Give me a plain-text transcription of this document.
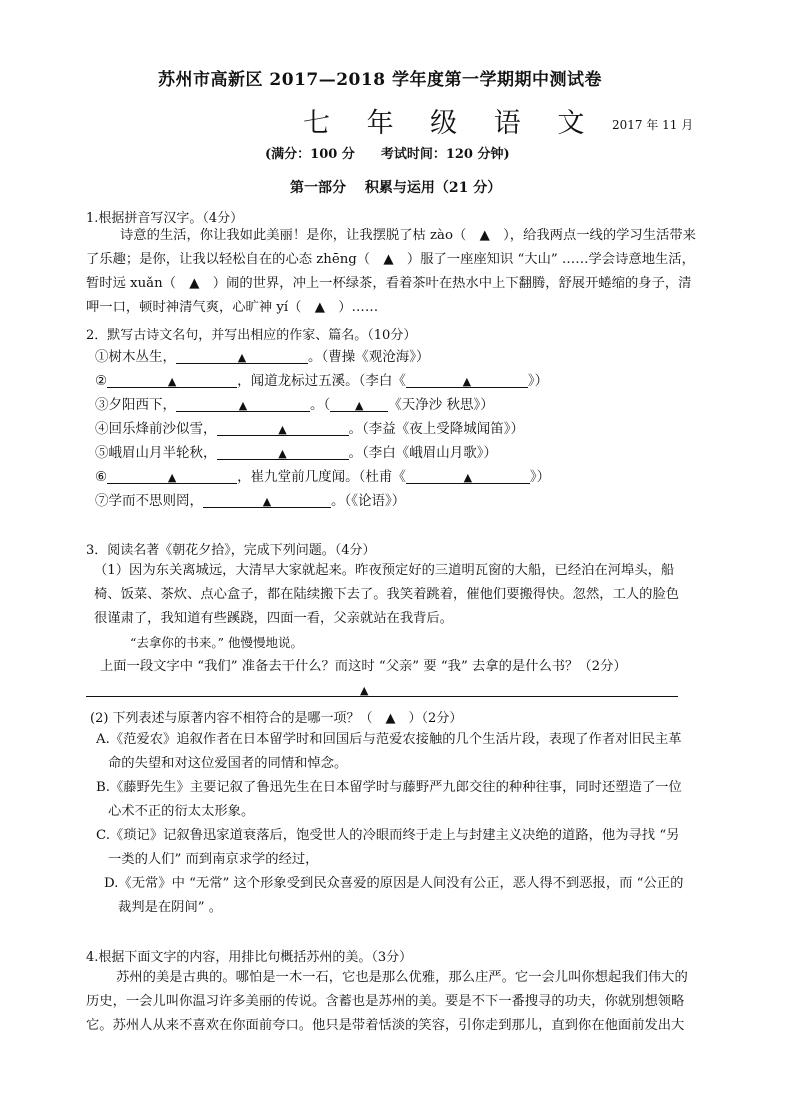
苏州市高新区 2017—2018 学年度第一学期期中测试卷
七 年 级 语 文 2017 年 11 月
(满分：100 分　　考试时间：120 分钟)
第一部分　 积累与运用（21 分）
1.根据拼音写汉字。（4分）
诗意的生活，你让我如此美丽！是你，让我摆脱了枯 zào（　▲　），给我两点一线的学习生活带来
了乐趣；是你，让我以轻松自在的心态 zhēng（　▲　）服了一座座知识 “大山” ……学会诗意地生活，
暂时远 xuǎn（　▲　）闹的世界，冲上一杯绿茶，看着茶叶在热水中上下翻腾，舒展开蜷缩的身子，清
呷一口，顿时神清气爽，心旷神 yí（　▲　）……
2．默写古诗文名句，并写出相应的作家、篇名。（10分）
①树木丛生，	▲	。（曹操《观沧海》）
②	▲	，闻道龙标过五溪。（李白《	▲	》）
③夕阳西下，	▲	。（ ▲ 《天净沙 秋思》）
④回乐烽前沙似雪，	▲	。（李益《夜上受降城闻笛》）
⑤峨眉山月半轮秋，	▲	。（李白《峨眉山月歌》）
⑥	▲	，崔九堂前几度闻。（杜甫《	▲	》）
⑦学而不思则罔，	▲	。（《论语》）
3．阅读名著《朝花夕拾》，完成下列问题。（4分）
（1）因为东关离城远，大清早大家就起来。昨夜预定好的三道明瓦窗的大船，已经泊在河埠头，船
椅、饭菜、茶炊、点心盒子，都在陆续搬下去了。我笑着跳着，催他们要搬得快。忽然，工人的脸色
很谨肃了，我知道有些蹊跷，四面一看，父亲就站在我背后。
“去拿你的书来。” 他慢慢地说。
上面一段文字中 “我们” 准备去干什么？而这时 “父亲” 要 “我” 去拿的是什么书？（2分）
▲
(2) 下列表述与原著内容不相符合的是哪一项？（　▲　）（2分）
A.《范爱农》追叙作者在日本留学时和回国后与范爱农接触的几个生活片段，表现了作者对旧民主革
命的失望和对这位爱国者的同情和悼念。
B.《藤野先生》主要记叙了鲁迅先生在日本留学时与藤野严九郎交往的种种往事，同时还塑造了一位
心术不正的衍太太形象。
C.《琐记》记叙鲁迅家道衰落后，饱受世人的冷眼而终于走上与封建主义决绝的道路，他为寻找 “另
一类的人们” 而到南京求学的经过，
D.《无常》中 “无常” 这个形象受到民众喜爱的原因是人间没有公正，恶人得不到恶报，而 “公正的
裁判是在阴间” 。
4.根据下面文字的内容，用排比句概括苏州的美。（3分）
苏州的美是古典的。哪怕是一木一石，它也是那么优雅，那么庄严。它一会儿叫你想起我们伟大的
历史，一会儿叫你温习许多美丽的传说。含蓄也是苏州的美。要是不下一番搜寻的功夫，你就别想领略
它。苏州人从来不喜欢在你面前夸口。他只是带着恬淡的笑容，引你走到那儿，直到你在他面前发出大
